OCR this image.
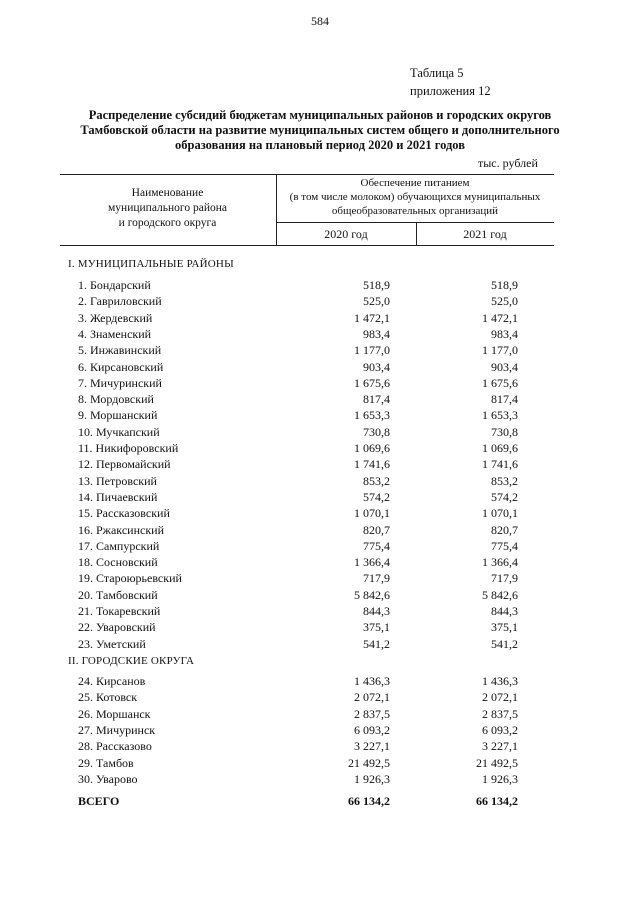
584
Таблица 5
приложения 12
Распределение субсидий бюджетам муниципальных районов и городских округов
Тамбовской области на развитие муниципальных систем общего и дополнительного
образования на плановый период 2020 и 2021 годов
тыс. рублей
Наименование
муниципального района
и городского округа
Обеспечение питанием
(в том числе молоком) обучающихся муниципальных
общеобразовательных организаций
2020 год	2021 год
I. МУНИЦИПАЛЬНЫЕ РАЙОНЫ
1. Бондарский	518,9	518,9
2. Гавриловский	525,0	525,0
3. Жердевский	1 472,1	1 472,1
4. Знаменский	983,4	983,4
5. Инжавинский	1 177,0	1 177,0
6. Кирсановский	903,4	903,4
7. Мичуринский	1 675,6	1 675,6
8. Мордовский	817,4	817,4
9. Моршанский	1 653,3	1 653,3
10. Мучкапский	730,8	730,8
11. Никифоровский	1 069,6	1 069,6
12. Первомайский	1 741,6	1 741,6
13. Петровский	853,2	853,2
14. Пичаевский	574,2	574,2
15. Рассказовский	1 070,1	1 070,1
16. Ржаксинский	820,7	820,7
17. Сампурский	775,4	775,4
18. Сосновский	1 366,4	1 366,4
19. Староюрьевский	717,9	717,9
20. Тамбовский	5 842,6	5 842,6
21. Токаревский	844,3	844,3
22. Уваровский	375,1	375,1
23. Уметский	541,2	541,2
II. ГОРОДСКИЕ ОКРУГА
24. Кирсанов	1 436,3	1 436,3
25. Котовск	2 072,1	2 072,1
26. Моршанск	2 837,5	2 837,5
27. Мичуринск	6 093,2	6 093,2
28. Рассказово	3 227,1	3 227,1
29. Тамбов	21 492,5	21 492,5
30. Уварово	1 926,3	1 926,3
ВСЕГО	66 134,2	66 134,2
